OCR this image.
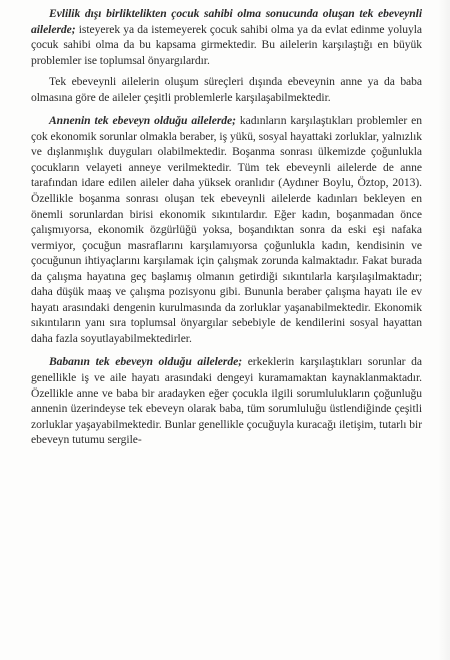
Evlilik dışı birliktelikten çocuk sahibi olma sonucunda oluşan tek ebeveynli ailelerde; isteyerek ya da istemeyerek çocuk sahibi olma ya da evlat edinme yoluyla çocuk sahibi olma da bu kapsama girmektedir. Bu ailelerin karşılaştığı en büyük problemler ise toplumsal önyargılardır.

Tek ebeveynli ailelerin oluşum süreçleri dışında ebeveynin anne ya da baba olmasına göre de aileler çeşitli problemlerle karşılaşabilmektedir.

Annenin tek ebeveyn olduğu ailelerde; kadınların karşılaştıkları problemler en çok ekonomik sorunlar olmakla beraber, iş yükü, sosyal hayattaki zorluklar, yalnızlık ve dışlanmışlık duyguları olabilmektedir. Boşanma sonrası ülkemizde çoğunlukla çocukların velayeti anneye verilmektedir. Tüm tek ebeveynli ailelerde de anne tarafından idare edilen aileler daha yüksek oranlıdır (Aydıner Boylu, Öztop, 2013). Özellikle boşanma sonrası oluşan tek ebeveynli ailelerde kadınları bekleyen en önemli sorunlardan birisi ekonomik sıkıntılardır. Eğer kadın, boşanmadan önce çalışmıyorsa, ekonomik özgürlüğü yoksa, boşandıktan sonra da eski eşi nafaka vermiyor, çocuğun masraflarını karşılamıyorsa çoğunlukla kadın, kendisinin ve çocuğunun ihtiyaçlarını karşılamak için çalışmak zorunda kalmaktadır. Fakat burada da çalışma hayatına geç başlamış olmanın getirdiği sıkıntılarla karşılaşılmaktadır; daha düşük maaş ve çalışma pozisyonu gibi. Bununla beraber çalışma hayatı ile ev hayatı arasındaki dengenin kurulmasında da zorluklar yaşanabilmektedir. Ekonomik sıkıntıların yanı sıra toplumsal önyargılar sebebiyle de kendilerini sosyal hayattan daha fazla soyutlayabilmektedirler.

Babanın tek ebeveyn olduğu ailelerde; erkeklerin karşılaştıkları sorunlar da genellikle iş ve aile hayatı arasındaki dengeyi kuramamaktan kaynaklanmaktadır. Özellikle anne ve baba bir aradayken eğer çocukla ilgili sorumlulukların çoğunluğu annenin üzerindeyse tek ebeveyn olarak baba, tüm sorumluluğu üstlendiğinde çeşitli zorluklar yaşayabilmektedir. Bunlar genellikle çocuğuyla kuracağı iletişim, tutarlı bir ebeveyn tutumu sergile-
